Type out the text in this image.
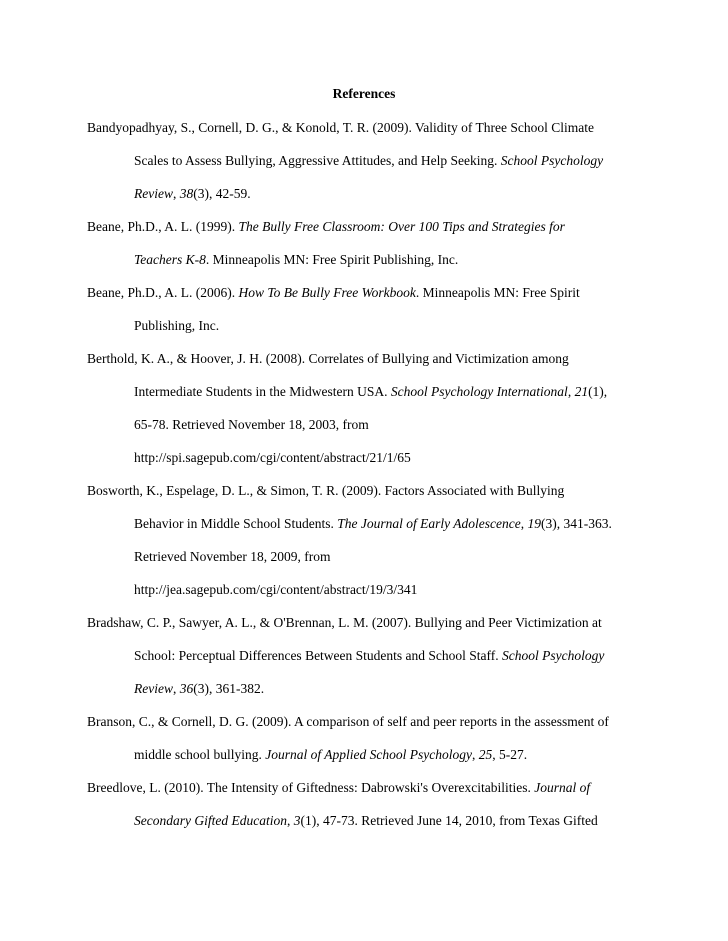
References
Bandyopadhyay, S., Cornell, D. G., & Konold, T. R. (2009). Validity of Three School Climate
Scales to Assess Bullying, Aggressive Attitudes, and Help Seeking. School Psychology
Review, 38(3), 42-59.
Beane, Ph.D., A. L. (1999). The Bully Free Classroom: Over 100 Tips and Strategies for
Teachers K-8. Minneapolis MN: Free Spirit Publishing, Inc.
Beane, Ph.D., A. L. (2006). How To Be Bully Free Workbook. Minneapolis MN: Free Spirit
Publishing, Inc.
Berthold, K. A., & Hoover, J. H. (2008). Correlates of Bullying and Victimization among
Intermediate Students in the Midwestern USA. School Psychology International, 21(1),
65-78. Retrieved November 18, 2003, from
http://spi.sagepub.com/cgi/content/abstract/21/1/65
Bosworth, K., Espelage, D. L., & Simon, T. R. (2009). Factors Associated with Bullying
Behavior in Middle School Students. The Journal of Early Adolescence, 19(3), 341-363.
Retrieved November 18, 2009, from
http://jea.sagepub.com/cgi/content/abstract/19/3/341
Bradshaw, C. P., Sawyer, A. L., & O'Brennan, L. M. (2007). Bullying and Peer Victimization at
School: Perceptual Differences Between Students and School Staff. School Psychology
Review, 36(3), 361-382.
Branson, C., & Cornell, D. G. (2009). A comparison of self and peer reports in the assessment of
middle school bullying. Journal of Applied School Psychology, 25, 5-27.
Breedlove, L. (2010). The Intensity of Giftedness: Dabrowski's Overexcitabilities. Journal of
Secondary Gifted Education, 3(1), 47-73. Retrieved June 14, 2010, from Texas Gifted
